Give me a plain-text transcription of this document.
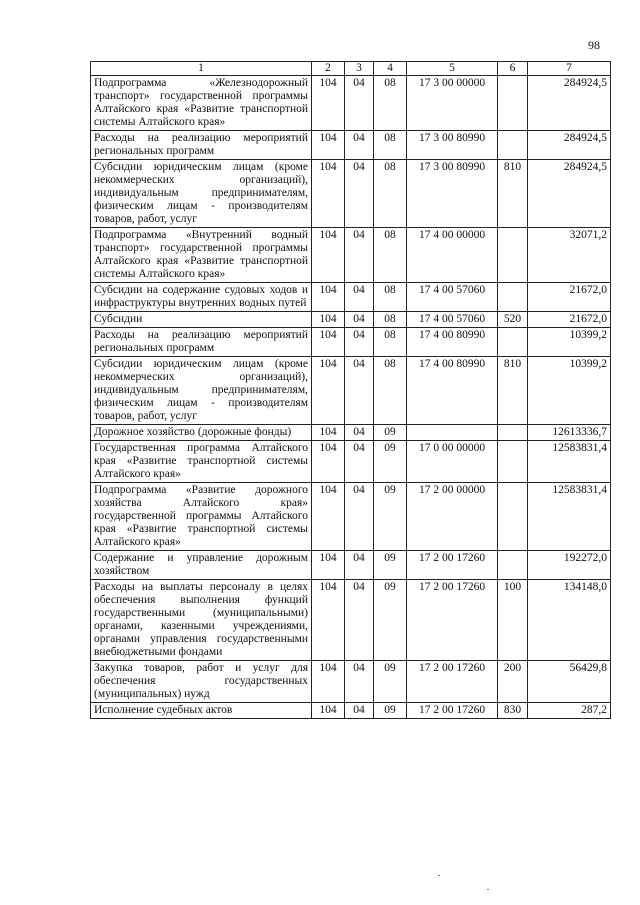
98
1	2	3	4	5	6	7
Подпрограмма «Железнодорожный транспорт» государственной программы Алтайского края «Развитие транспортной системы Алтайского края»	104	04	08	17 3 00 00000		284924,5
Расходы на реализацию мероприятий региональных программ	104	04	08	17 3 00 80990		284924,5
Субсидии юридическим лицам (кроме некоммерческих организаций), индивидуальным предпринимателям, физическим лицам - производителям товаров, работ, услуг	104	04	08	17 3 00 80990	810	284924,5
Подпрограмма «Внутренний водный транспорт» государственной программы Алтайского края «Развитие транспортной системы Алтайского края»	104	04	08	17 4 00 00000		32071,2
Субсидии на содержание судовых ходов и инфраструктуры внутренних водных путей	104	04	08	17 4 00 57060		21672,0
Субсидии	104	04	08	17 4 00 57060	520	21672,0
Расходы на реализацию мероприятий региональных программ	104	04	08	17 4 00 80990		10399,2
Субсидии юридическим лицам (кроме некоммерческих организаций), индивидуальным предпринимателям, физическим лицам - производителям товаров, работ, услуг	104	04	08	17 4 00 80990	810	10399,2
Дорожное хозяйство (дорожные фонды)	104	04	09			12613336,7
Государственная программа Алтайского края «Развитие транспортной системы Алтайского края»	104	04	09	17 0 00 00000		12583831,4
Подпрограмма «Развитие дорожного хозяйства Алтайского края» государственной программы Алтайского края «Развитие транспортной системы Алтайского края»	104	04	09	17 2 00 00000		12583831,4
Содержание и управление дорожным хозяйством	104	04	09	17 2 00 17260		192272,0
Расходы на выплаты персоналу в целях обеспечения выполнения функций государственными (муниципальными) органами, казенными учреждениями, органами управления государственными внебюджетными фондами	104	04	09	17 2 00 17260	100	134148,0
Закупка товаров, работ и услуг для обеспечения государственных (муниципальных) нужд	104	04	09	17 2 00 17260	200	56429,8
Исполнение судебных актов	104	04	09	17 2 00 17260	830	287,2
